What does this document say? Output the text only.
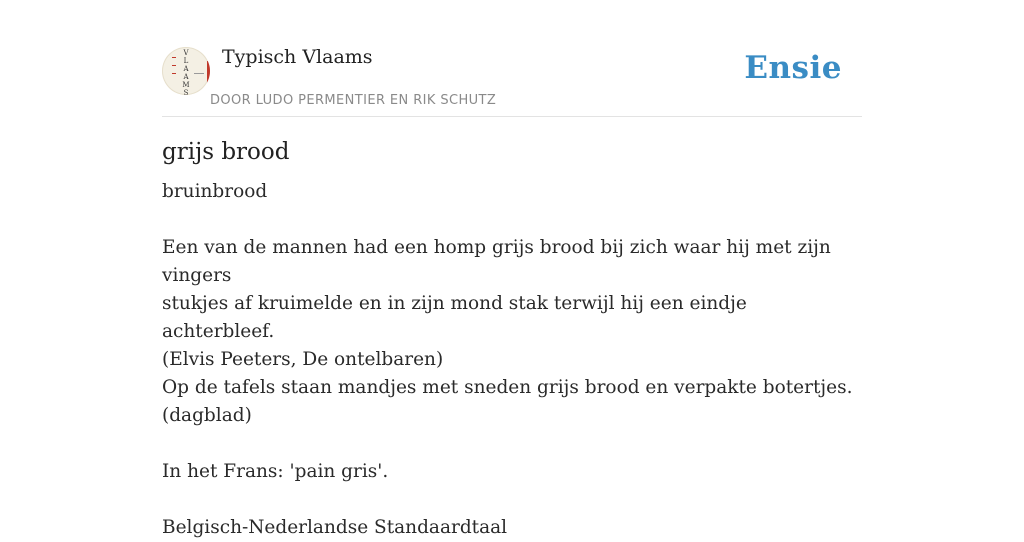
V
L
A
A
M
S
Typisch Vlaams
DOOR LUDO PERMENTIER EN RIK SCHUTZ
Ensie
grijs brood

bruinbrood

Een van de mannen had een homp grijs brood bij zich waar hij met zijn vingers

stukjes af kruimelde en in zijn mond stak terwijl hij een eindje achterbleef.

(Elvis Peeters, De ontelbaren)

Op de tafels staan mandjes met sneden grijs brood en verpakte botertjes.

(dagblad)

In het Frans: 'pain gris'.

Belgisch-Nederlandse Standaardtaal
